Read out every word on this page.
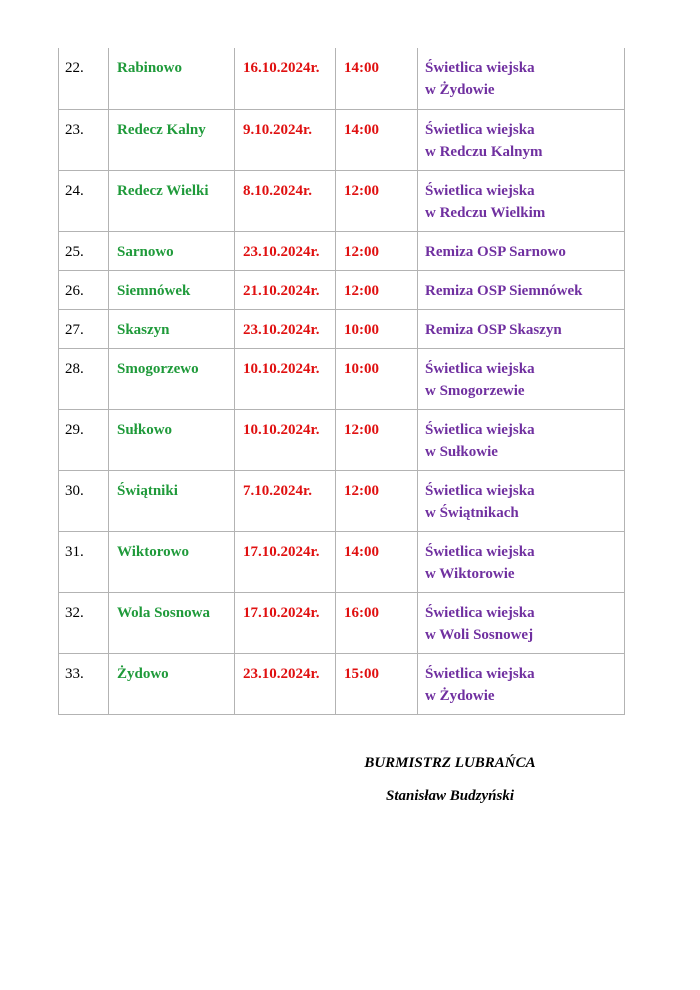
22.	Rabinowo	16.10.2024r.	14:00	Świetlica wiejska
w Żydowie

23.	Redecz Kalny	9.10.2024r.	14:00	Świetlica wiejska
w Redczu Kalnym

24.	Redecz Wielki	8.10.2024r.	12:00	Świetlica wiejska
w Redczu Wielkim

25.	Sarnowo	23.10.2024r.	12:00	Remiza OSP Sarnowo

26.	Siemnówek	21.10.2024r.	12:00	Remiza OSP Siemnówek

27.	Skaszyn	23.10.2024r.	10:00	Remiza OSP Skaszyn

28.	Smogorzewo	10.10.2024r.	10:00	Świetlica wiejska
w Smogorzewie

29.	Sułkowo	10.10.2024r.	12:00	Świetlica wiejska
w Sułkowie

30.	Świątniki	7.10.2024r.	12:00	Świetlica wiejska
w Świątnikach

31.	Wiktorowo	17.10.2024r.	14:00	Świetlica wiejska
w Wiktorowie

32.	Wola Sosnowa	17.10.2024r.	16:00	Świetlica wiejska
w Woli Sosnowej

33.	Żydowo	23.10.2024r.	15:00	Świetlica wiejska
w Żydowie
BURMISTRZ LUBRAŃCA
Stanisław Budzyński
